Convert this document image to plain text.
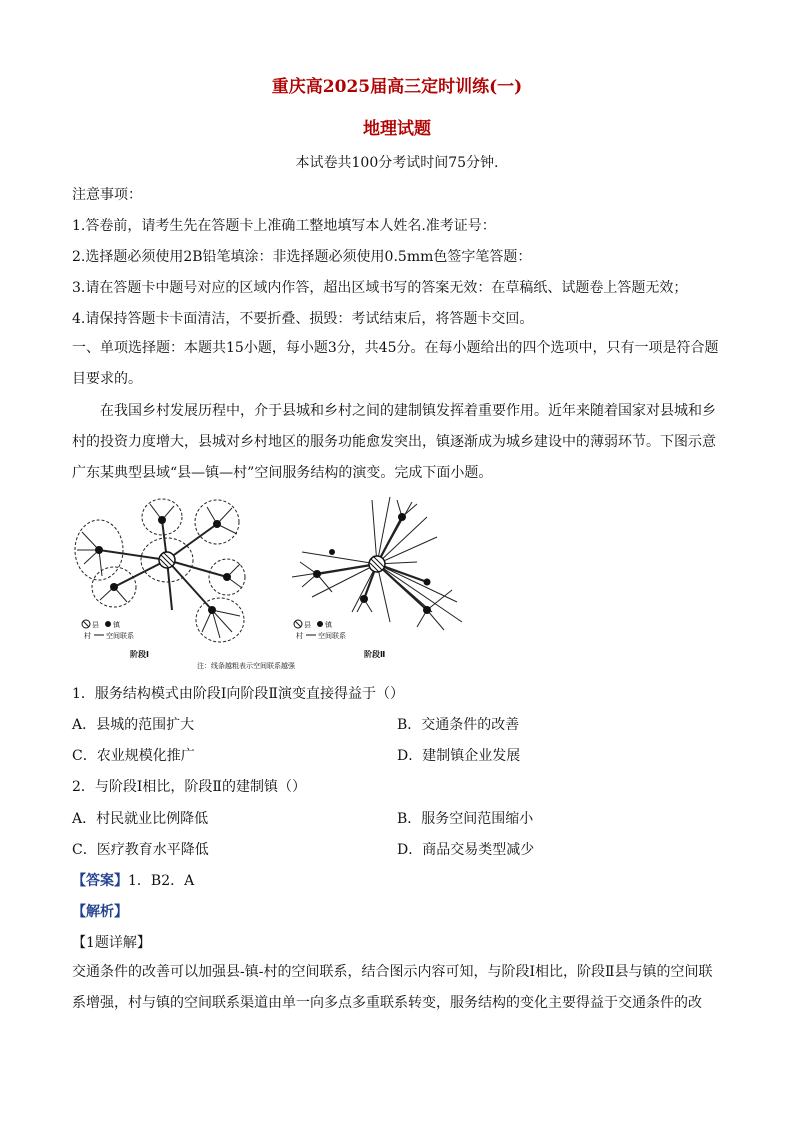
重庆高2025届高三定时训练(一)
地理试题
本试卷共100分考试时间75分钟.
注意事项：
1.答卷前，请考生先在答题卡上准确工整地填写本人姓名.准考证号：
2.选择题必须使用2B铅笔填涂：非选择题必须使用0.5mm色签字笔答题：
3.请在答题卡中题号对应的区域内作答，超出区域书写的答案无效：在草稿纸、试题卷上答题无效；
4.请保持答题卡卡面清洁，不要折叠、损毁：考试结束后，将答题卡交回。
一、单项选择题：本题共15小题，每小题3分，共45分。在每小题给出的四个选项中，只有一项是符合题目要求的。
在我国乡村发展历程中，介于县城和乡村之间的建制镇发挥着重要作用。近年来随着国家对县城和乡村的投资力度增大，县城对乡村地区的服务功能愈发突出，镇逐渐成为城乡建设中的薄弱环节。下图示意广东某典型县域“县—镇—村”空间服务结构的演变。完成下面小题。
县 镇
村 空间联系
阶段Ⅰ
县 镇
村 空间联系
阶段Ⅱ
注：线条越粗表示空间联系越强
1．服务结构模式由阶段Ⅰ向阶段Ⅱ演变直接得益于（）
A．县城的范围扩大	B．交通条件的改善
C．农业规模化推广	D．建制镇企业发展
2．与阶段Ⅰ相比，阶段Ⅱ的建制镇（）
A．村民就业比例降低	B．服务空间范围缩小
C．医疗教育水平降低	D．商品交易类型减少
【答案】1．B2．A
【解析】
【1题详解】
交通条件的改善可以加强县-镇-村的空间联系，结合图示内容可知，与阶段Ⅰ相比，阶段Ⅱ县与镇的空间联系增强，村与镇的空间联系渠道由单一向多点多重联系转变，服务结构的变化主要得益于交通条件的改
